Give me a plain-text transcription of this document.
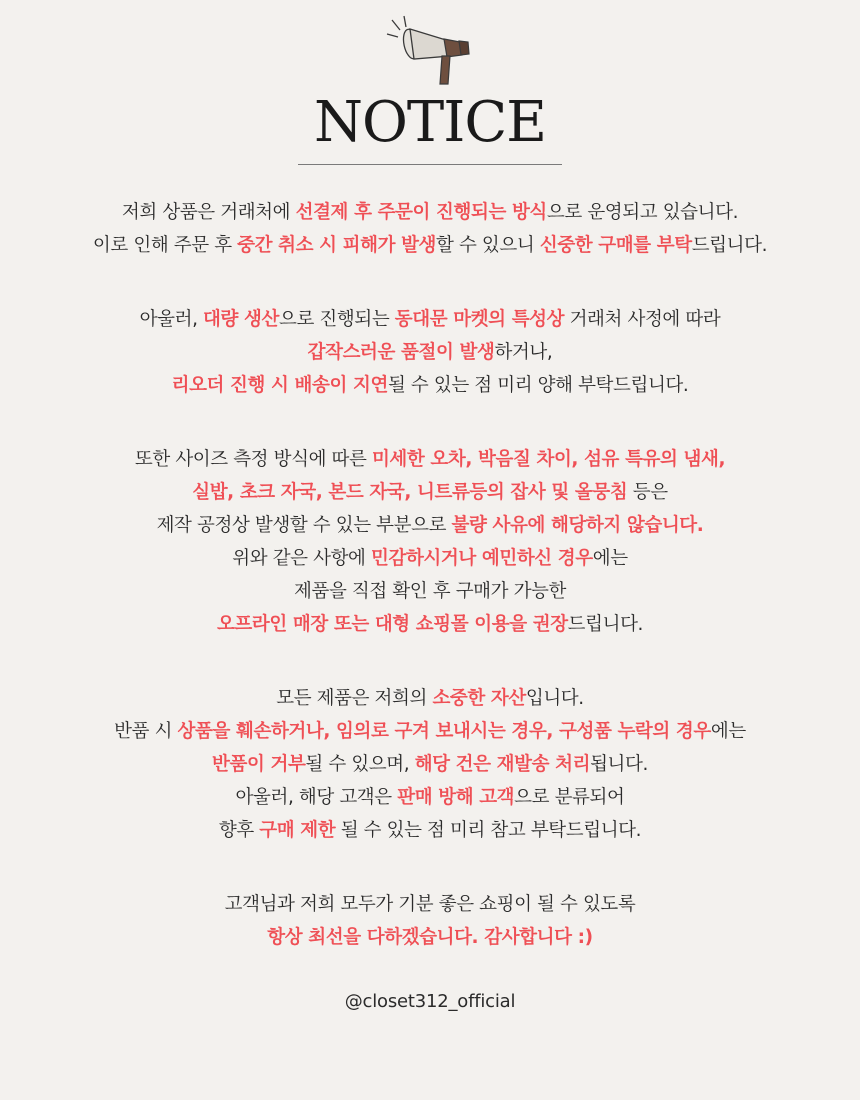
NOTICE
저희 상품은 거래처에 선결제 후 주문이 진행되는 방식으로 운영되고 있습니다.
이로 인해 주문 후 중간 취소 시 피해가 발생할 수 있으니 신중한 구매를 부탁드립니다.
아울러, 대량 생산으로 진행되는 동대문 마켓의 특성상 거래처 사정에 따라
갑작스러운 품절이 발생하거나,
리오더 진행 시 배송이 지연될 수 있는 점 미리 양해 부탁드립니다.
또한 사이즈 측정 방식에 따른 미세한 오차, 박음질 차이, 섬유 특유의 냄새,
실밥, 초크 자국, 본드 자국, 니트류등의 잡사 및 올뭉침 등은
제작 공정상 발생할 수 있는 부분으로 불량 사유에 해당하지 않습니다.
위와 같은 사항에 민감하시거나 예민하신 경우에는
제품을 직접 확인 후 구매가 가능한
오프라인 매장 또는 대형 쇼핑몰 이용을 권장드립니다.
모든 제품은 저희의 소중한 자산입니다.
반품 시 상품을 훼손하거나, 임의로 구겨 보내시는 경우, 구성품 누락의 경우에는
반품이 거부될 수 있으며, 해당 건은 재발송 처리됩니다.
아울러, 해당 고객은 판매 방해 고객으로 분류되어
향후 구매 제한 될 수 있는 점 미리 참고 부탁드립니다.
고객님과 저희 모두가 기분 좋은 쇼핑이 될 수 있도록
항상 최선을 다하겠습니다. 감사합니다 :)
@closet312_official
